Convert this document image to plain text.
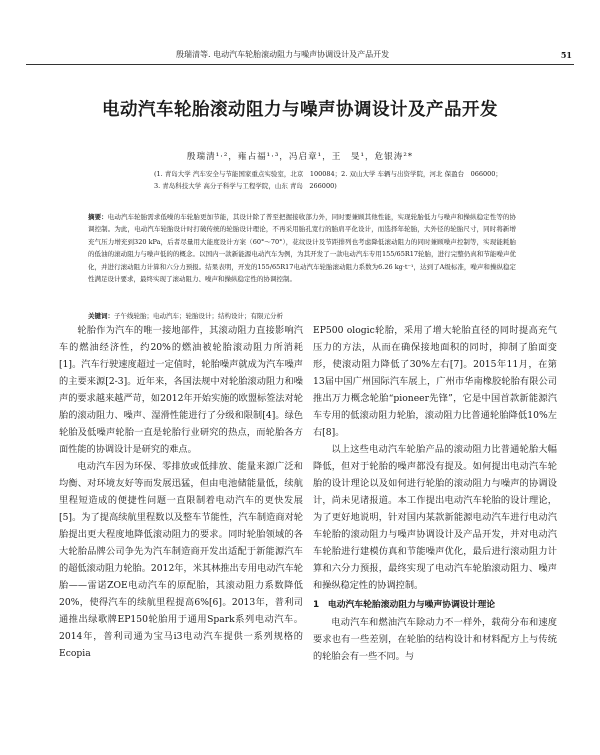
殷瑞清等. 电动汽车轮胎滚动阻力与噪声协调设计及产品开发	51
电动汽车轮胎滚动阻力与噪声协调设计及产品开发
殷瑞清¹·²，雍占福¹·³，冯启章¹，王　旻¹，危银涛²*
(1. 青岛大学 汽车安全与节能国家重点实验室，北京　100084；2. 双山大学 车辆与出资学院，河北 保盈台　066000；
3. 青岛科技大学 高分子科学与工程学院，山东 青岛　266000)
摘要：电动汽车轮胎需求低噪的车轮胎更加节能，其设计除了普至把握接收部力外，同时要兼顾其他性能，实现轮胎低力与噪声和操纵稳定性等的协调控制。为此，电动汽车轮胎设计时打破传统的轮胎设计理论，不再采用胎孔宽行的胎肩平化设计，而选择年轮胎，大外径的轮胎尺寸，同时将新增充气压力增充到320 kPa，后者尽量用大能度设计方案（60°～70°），花纹设计及节距排列也考虑降低滚动阻力的同时兼顾噪声控制等，实现能耗胎的低油的滚动阻力与噪声低的的概念。以国内一款新能源电动汽车为例，为其开发了一款电动汽车专用155/65R17轮胎，进行完整仍真和节能噪声优化，并进行滚动阻力计算和六分力预报。结果表明，开发的155/65R17电动汽车轮胎滚动阻力系数为6.26 kg·t⁻¹，达到了A级标准，噪声和操纵稳定性满足设计要求，最终实现了滚动阻力、噪声和操纵稳定性的协调控制。
关键词：子午线轮胎；电动汽车；轮胎设计；结构设计；有限元分析

轮胎作为汽车的唯一接地部件，其滚动阻力直接影响汽车的燃油经济性，约20%的燃油被轮胎滚动阻力所消耗[1]。汽车行驶速度超过一定值时，轮胎噪声就成为汽车噪声的主要来源[2-3]。近年来，各国法规中对轮胎滚动阻力和噪声的要求越来越严苛，如2012年开始实施的欧盟标签法对轮胎的滚动阻力、噪声、湿滑性能进行了分级和限制[4]。绿色轮胎及低噪声轮胎一直是轮胎行业研究的热点，而轮胎各方面性能的协调设计是研究的难点。

电动汽车因为环保、零排放或低排放、能量来源广泛和均衡、对环境友好等而发展迅猛，但由电池储能量低，续航里程短造成的便捷性问题一直限制着电动汽车的更快发展[5]。为了提高续航里程数以及整车节能性，汽车制造商对轮胎提出更大程度地降低滚动阻力的要求。同时轮胎领域的各大轮胎品牌公司争先为汽车制造商开发出适配于新能源汽车的超低滚动阻力轮胎。2012年，米其林推出专用电动汽车轮胎——雷诺ZOE电动汽车的原配胎，其滚动阻力系数降低20%，使得汽车的续航里程提高6%[6]。2013年，普利司通推出绿歌牌EP150轮胎用于通用Spark系列电动汽车。2014年，普利司通为宝马i3电动汽车提供一系列规格的Ecopia

EP500 ologic轮胎，采用了增大轮胎直径的同时提高充气压力的方法，从而在确保接地面积的同时，抑制了胎面变形，使滚动阻力降低了30%左右[7]。2015年11月，在第13届中国广州国际汽车展上，广州市华南橡胶轮胎有限公司推出万力概念轮胎“pioneer先锋”，它是中国首款新能源汽车专用的低滚动阻力轮胎，滚动阻力比普通轮胎降低10%左右[8]。

以上这些电动汽车轮胎产品的滚动阻力比普通轮胎大幅降低，但对于轮胎的噪声都没有提及。如何提出电动汽车轮胎的设计理论以及如何进行轮胎的滚动阻力与噪声的协调设计，尚未见诸报道。本工作提出电动汽车轮胎的设计理论，为了更好地说明，针对国内某款新能源电动汽车进行电动汽车轮胎的滚动阻力与噪声协调设计及产品开发，并对电动汽车轮胎进行建模仿真和节能噪声优化，最后进行滚动阻力计算和六分力预报，最终实现了电动汽车轮胎滚动阻力、噪声和操纵稳定性的协调控制。

1　电动汽车轮胎滚动阻力与噪声协调设计理论

电动汽车和燃油汽车除动力不一样外，载荷分布和速度要求也有一些差别，在轮胎的结构设计和材料配方上与传统的轮胎会有一些不同。与
